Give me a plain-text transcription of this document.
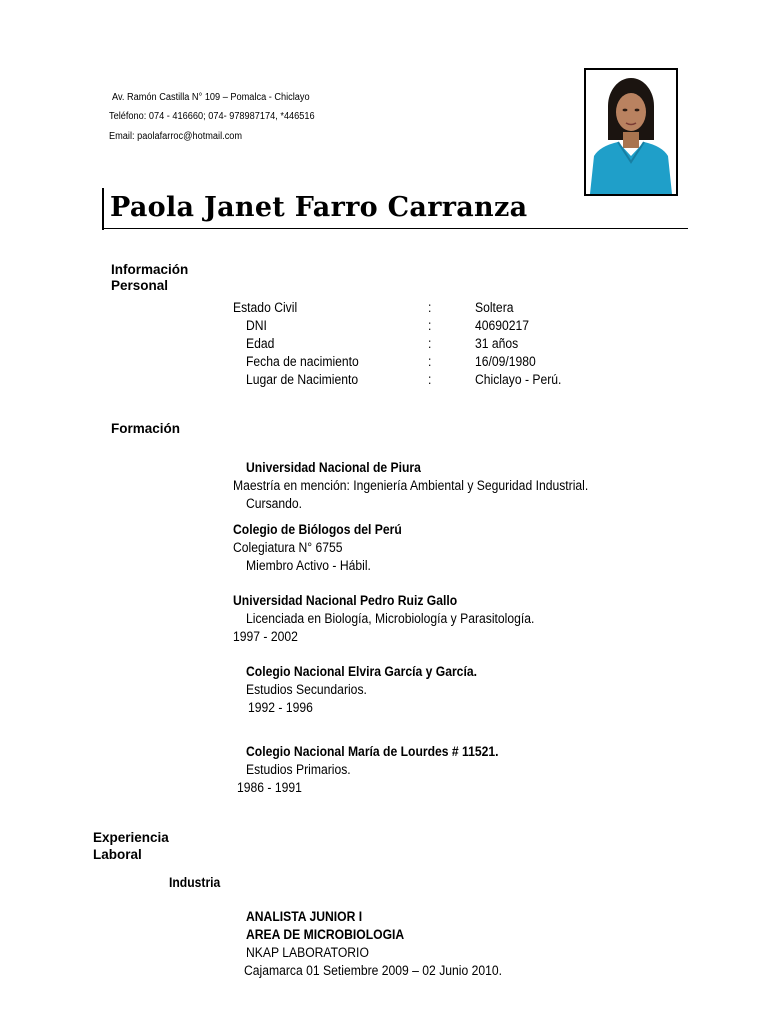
Av. Ramón Castilla N° 109 – Pomalca - Chiclayo
Teléfono: 074 - 416660; 074- 978987174, *446516
Email: paolafarroc@hotmail.com
Paola Janet Farro Carranza
Información
Personal
Estado Civil	:	Soltera
DNI	:	40690217
Edad	:	31 años
Fecha de nacimiento	:	16/09/1980
Lugar de Nacimiento	:	Chiclayo - Perú.
Formación
Universidad Nacional de Piura
Maestría en mención: Ingeniería Ambiental y Seguridad Industrial.
Cursando.
Colegio de Biólogos del Perú
Colegiatura N° 6755
Miembro Activo - Hábil.
Universidad Nacional Pedro Ruiz Gallo
Licenciada en Biología, Microbiología y Parasitología.
1997 - 2002
Colegio Nacional Elvira García y García.
Estudios Secundarios.
1992 - 1996
Colegio Nacional María de Lourdes # 11521.
Estudios Primarios.
1986 - 1991
Experiencia
Laboral
Industria
ANALISTA JUNIOR I
AREA DE MICROBIOLOGIA
NKAP LABORATORIO
Cajamarca 01 Setiembre 2009 – 02 Junio 2010.
